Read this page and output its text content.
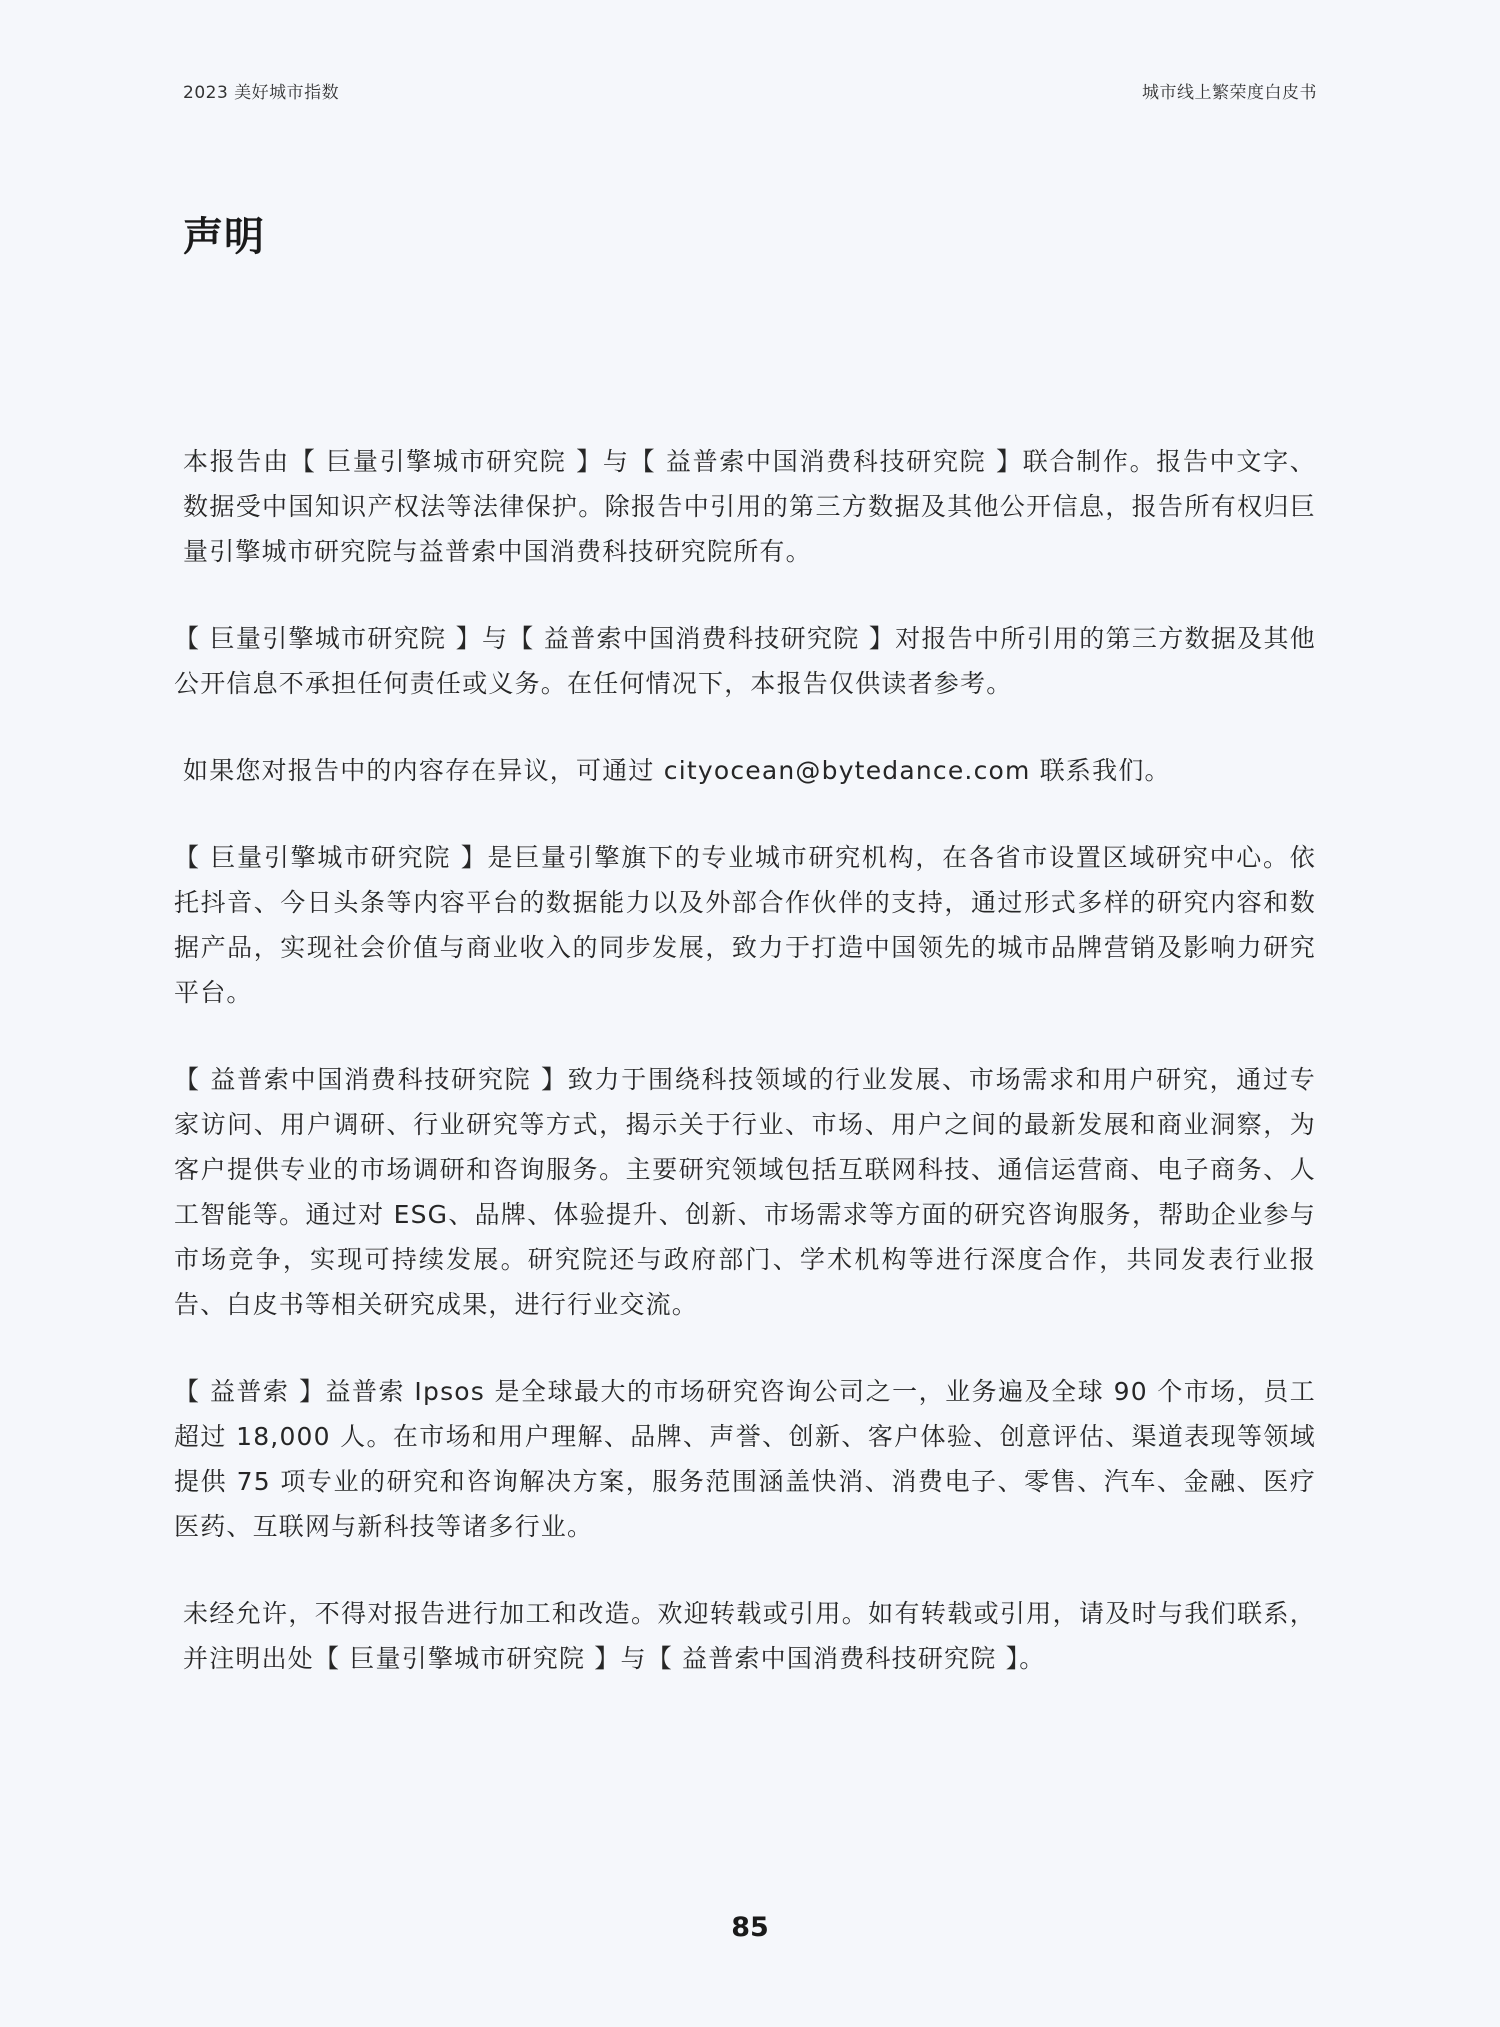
2023 美好城市指数	城市线上繁荣度白皮书
声明

本报告由【 巨量引擎城市研究院 】与【 益普索中国消费科技研究院 】联合制作。报告中文字、数据受中国知识产权法等法律保护。除报告中引用的第三方数据及其他公开信息，报告所有权归巨量引擎城市研究院与益普索中国消费科技研究院所有。

【 巨量引擎城市研究院 】与【 益普索中国消费科技研究院 】对报告中所引用的第三方数据及其他公开信息不承担任何责任或义务。在任何情况下，本报告仅供读者参考。

如果您对报告中的内容存在异议，可通过 cityocean@bytedance.com 联系我们。

【 巨量引擎城市研究院 】是巨量引擎旗下的专业城市研究机构，在各省市设置区域研究中心。依托抖音、今日头条等内容平台的数据能力以及外部合作伙伴的支持，通过形式多样的研究内容和数据产品，实现社会价值与商业收入的同步发展，致力于打造中国领先的城市品牌营销及影响力研究平台。

【 益普索中国消费科技研究院 】致力于围绕科技领域的行业发展、市场需求和用户研究，通过专家访问、用户调研、行业研究等方式，揭示关于行业、市场、用户之间的最新发展和商业洞察，为客户提供专业的市场调研和咨询服务。主要研究领域包括互联网科技、通信运营商、电子商务、人工智能等。通过对 ESG、品牌、体验提升、创新、市场需求等方面的研究咨询服务，帮助企业参与市场竞争，实现可持续发展。研究院还与政府部门、学术机构等进行深度合作，共同发表行业报告、白皮书等相关研究成果，进行行业交流。

【 益普索 】益普索 Ipsos 是全球最大的市场研究咨询公司之一，业务遍及全球 90 个市场，员工超过 18,000 人。在市场和用户理解、品牌、声誉、创新、客户体验、创意评估、渠道表现等领域提供 75 项专业的研究和咨询解决方案，服务范围涵盖快消、消费电子、零售、汽车、金融、医疗医药、互联网与新科技等诸多行业。

未经允许，不得对报告进行加工和改造。欢迎转载或引用。如有转载或引用，请及时与我们联系，并注明出处【 巨量引擎城市研究院 】与【 益普索中国消费科技研究院 】。

85
